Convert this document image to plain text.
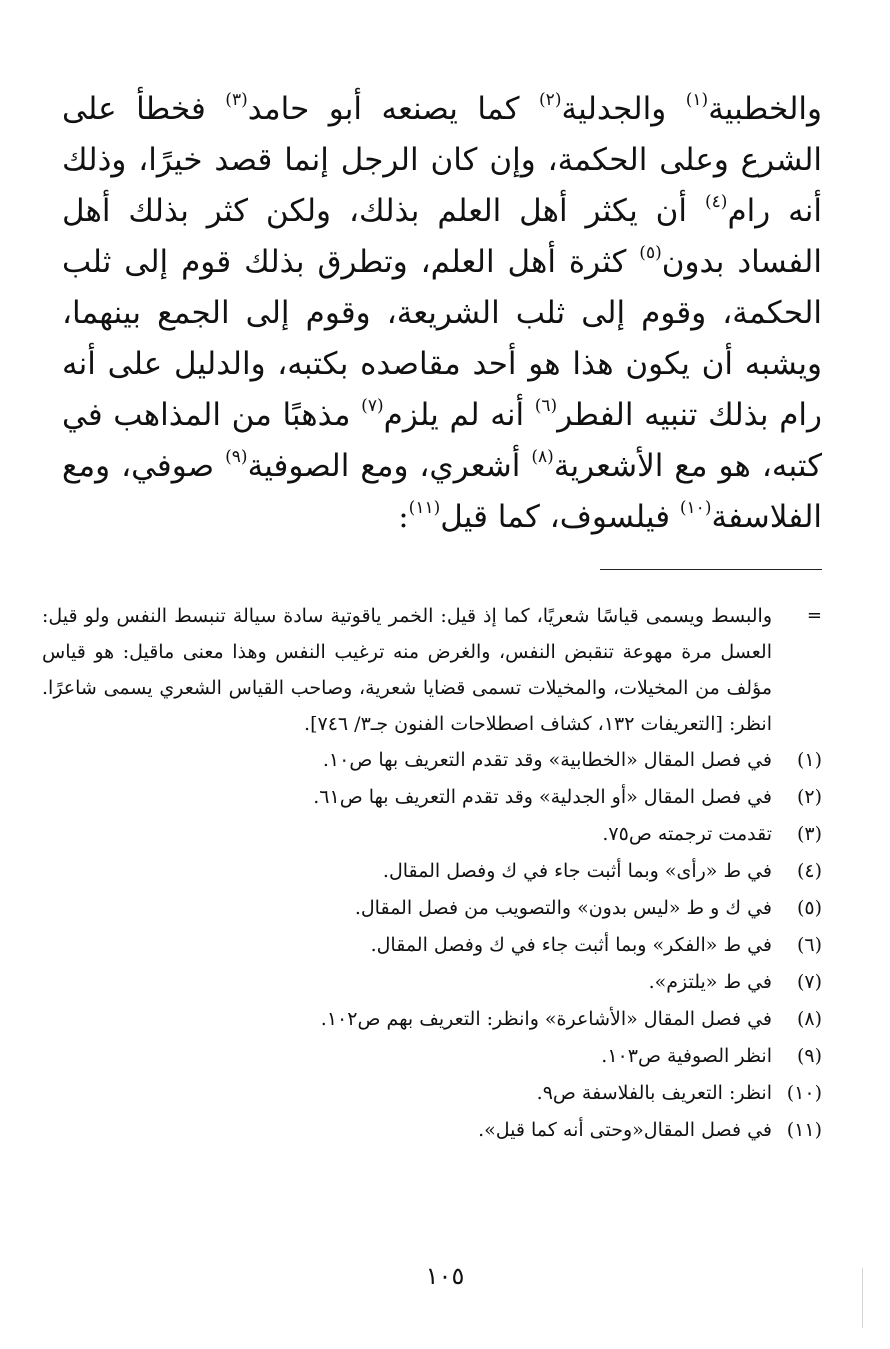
والخطبية$^{(١)}$ والجدلية$^{(٢)}$ كما يصنعه أبو حامد$^{(٣)}$ فخطأ على الشرع وعلى الحكمة، وإن كان الرجل إنما قصد خيرًا، وذلك أنه رام$^{(٤)}$ أن يكثر أهل العلم بذلك، ولكن كثر بذلك أهل الفساد بدون$^{(٥)}$ كثرة أهل العلم، وتطرق بذلك قوم إلى ثلب الحكمة، وقوم إلى ثلب الشريعة، وقوم إلى الجمع بينهما، ويشبه أن يكون هذا هو أحد مقاصده بكتبه، والدليل على أنه رام بذلك تنبيه الفطر$^{(٦)}$ أنه لم يلزم$^{(٧)}$ مذهبًا من المذاهب في كتبه، هو مع الأشعرية$^{(٨)}$ أشعري، ومع الصوفية$^{(٩)}$ صوفي، ومع الفلاسفة$^{(١٠)}$ فيلسوف، كما قيل$^{(١١)}$:
=
والبسط ويسمى قياسًا شعريًا، كما إذ قيل: الخمر ياقوتية سادة سيالة تنبسط النفس ولو قيل: العسل مرة مهوعة تنقبض النفس، والغرض منه ترغيب النفس وهذا معنى ماقيل: هو قياس مؤلف من المخيلات، والمخيلات تسمى قضايا شعرية، وصاحب القياس الشعري يسمى شاعرًا. انظر: [التعريفات ١٣٢، كشاف اصطلاحات الفنون جـ٣/ ٧٤٦].
(١)
في فصل المقال «الخطابية» وقد تقدم التعريف بها ص١٠.
(٢)
في فصل المقال «أو الجدلية» وقد تقدم التعريف بها ص٦١.
(٣)
تقدمت ترجمته ص٧٥.
(٤)
في ط «رأى» وبما أثبت جاء في ك وفصل المقال.
(٥)
في ك و ط «ليس بدون» والتصويب من فصل المقال.
(٦)
في ط «الفكر» وبما أثبت جاء في ك وفصل المقال.
(٧)
في ط «يلتزم».
(٨)
في فصل المقال «الأشاعرة» وانظر: التعريف بهم ص١٠٢.
(٩)
انظر الصوفية ص١٠٣.
(١٠)
انظر: التعريف بالفلاسفة ص٩.
(١١)
في فصل المقال«وحتى أنه كما قيل».
١٠٥
